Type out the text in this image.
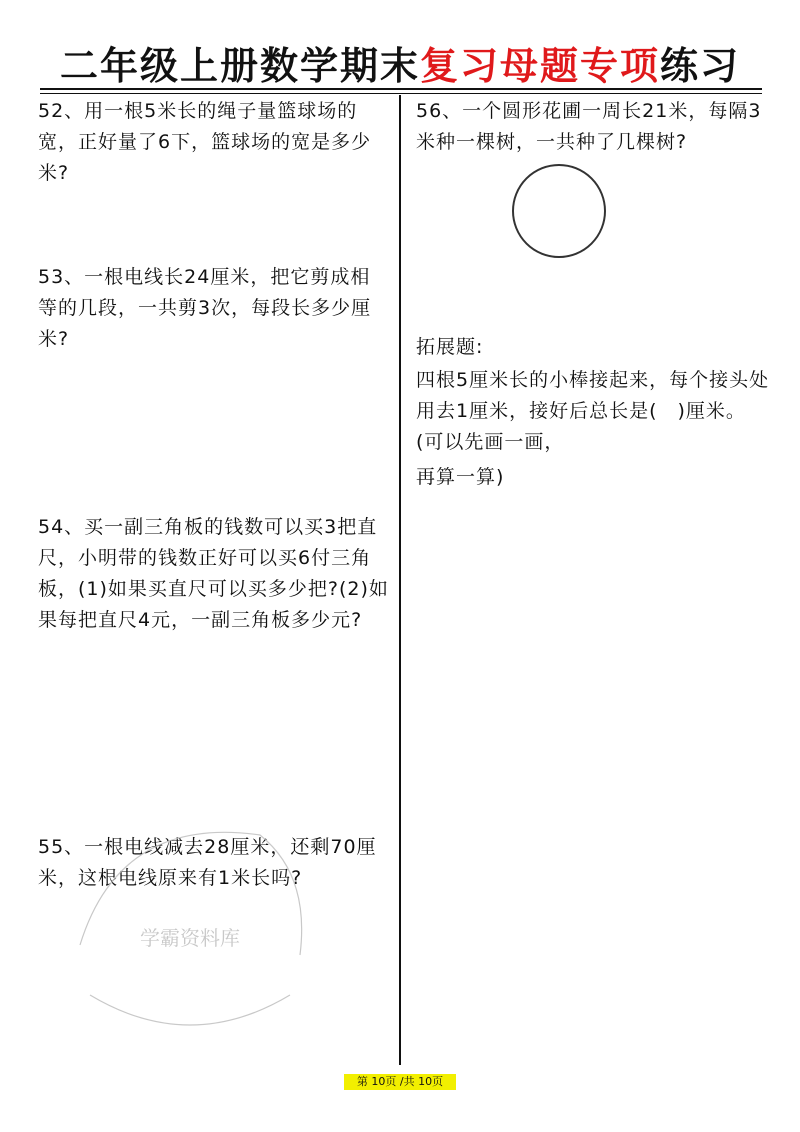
二年级上册数学期末复习母题专项练习
52、用一根5米长的绳子量篮球场的宽，正好量了6下，篮球场的宽是多少米?
53、一根电线长24厘米，把它剪成相等的几段，一共剪3次，每段长多少厘米?
54、买一副三角板的钱数可以买3把直尺，小明带的钱数正好可以买6付三角板，(1)如果买直尺可以买多少把?(2)如果每把直尺4元，一副三角板多少元?
55、一根电线减去28厘米，还剩70厘米，这根电线原来有1米长吗?
56、一个圆形花圃一周长21米，每隔3米种一棵树，一共种了几棵树?
拓展题:
四根5厘米长的小棒接起来，每个接头处用去1厘米，接好后总长是(　)厘米。(可以先画一画，
再算一算)
学霸资料库
第 10页 /共 10页
